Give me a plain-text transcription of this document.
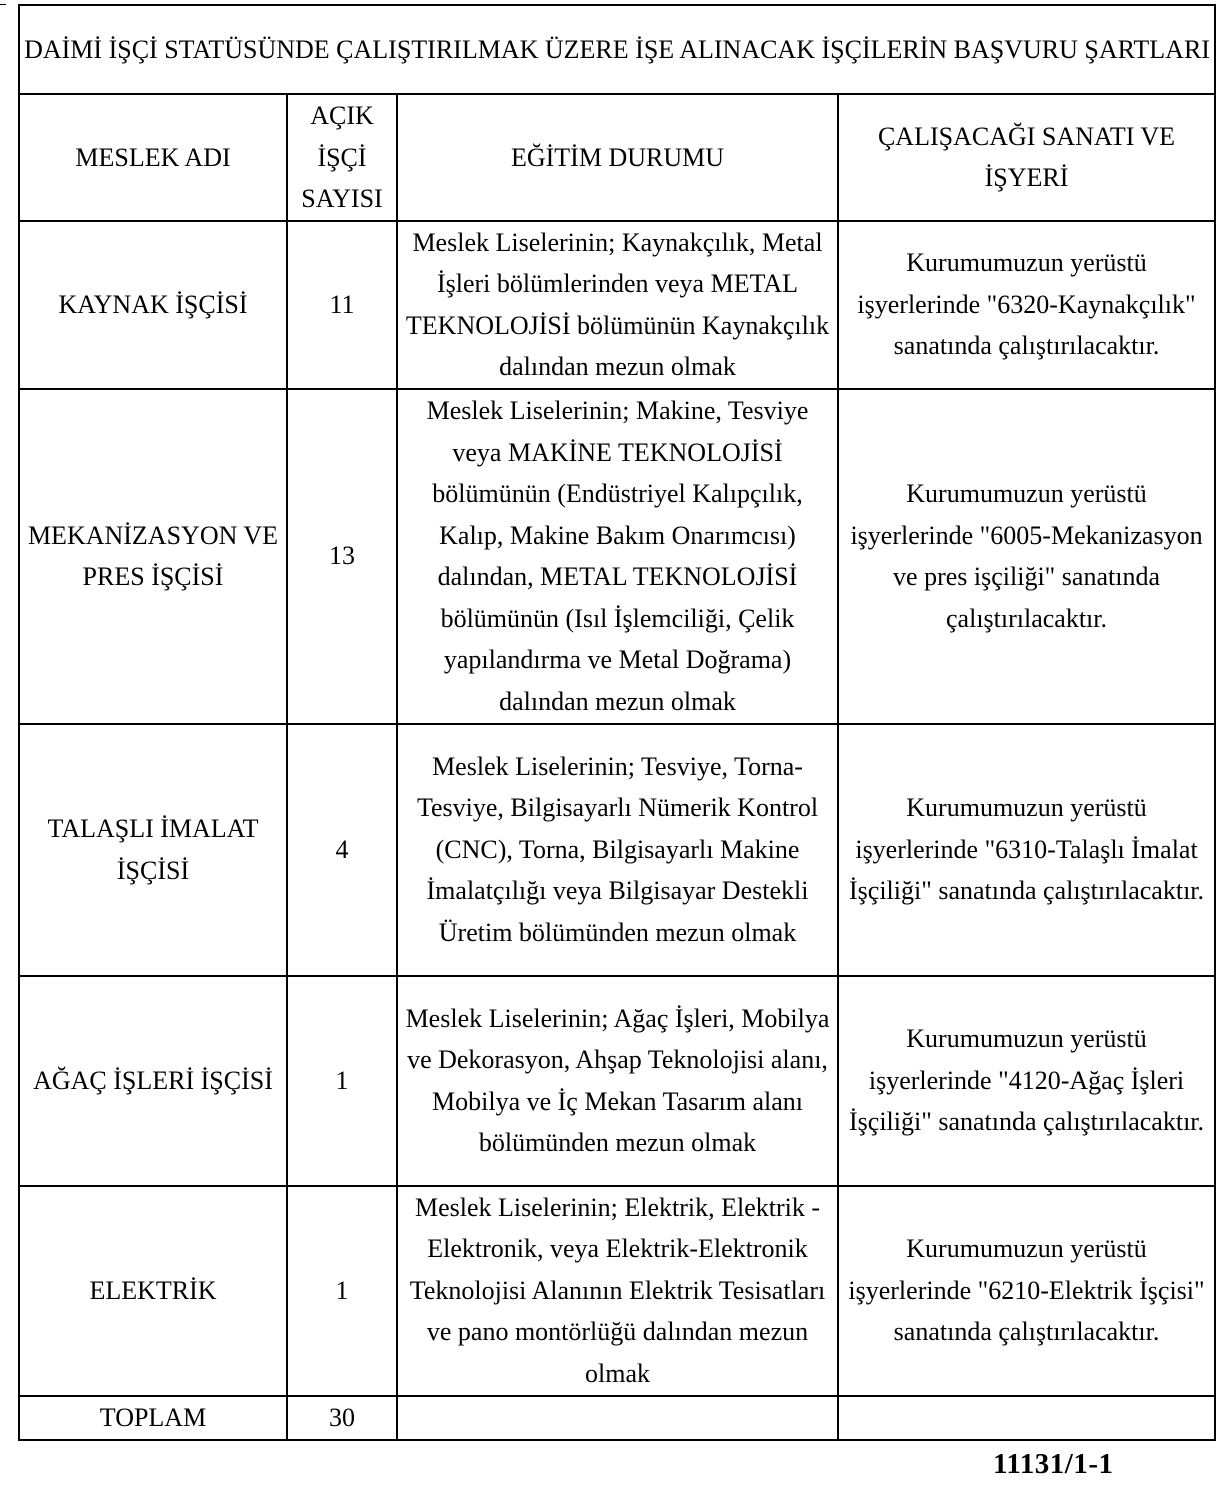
DAİMİ İŞÇİ STATÜSÜNDE ÇALIŞTIRILMAK ÜZERE İŞE ALINACAK İŞÇİLERİN BAŞVURU ŞARTLARI			
MESLEK ADI	AÇIK İŞÇİ SAYISI	EĞİTİM DURUMU	ÇALIŞACAĞI SANATI VE İŞYERİ
KAYNAK İŞÇİSİ	11	Meslek Liselerinin; Kaynakçılık, Metal İşleri bölümlerinden veya METAL TEKNOLOJİSİ bölümünün Kaynakçılık dalından mezun olmak	Kurumumuzun yerüstü işyerlerinde "6320-Kaynakçılık" sanatında çalıştırılacaktır.
MEKANİZASYON VE PRES İŞÇİSİ	13	Meslek Liselerinin; Makine, Tesviye veya MAKİNE TEKNOLOJİSİ bölümünün (Endüstriyel Kalıpçılık, Kalıp, Makine Bakım Onarımcısı) dalından, METAL TEKNOLOJİSİ bölümünün (Isıl İşlemciliği, Çelik yapılandırma ve Metal Doğrama) dalından mezun olmak	Kurumumuzun yerüstü işyerlerinde "6005-Mekanizasyon ve pres işçiliği" sanatında çalıştırılacaktır.
TALAŞLI İMALAT İŞÇİSİ	4	Meslek Liselerinin; Tesviye, Torna-Tesviye, Bilgisayarlı Nümerik Kontrol (CNC), Torna, Bilgisayarlı Makine İmalatçılığı veya Bilgisayar Destekli Üretim bölümünden mezun olmak	Kurumumuzun yerüstü işyerlerinde "6310-Talaşlı İmalat İşçiliği" sanatında çalıştırılacaktır.
AĞAÇ İŞLERİ İŞÇİSİ	1	Meslek Liselerinin; Ağaç İşleri, Mobilya ve Dekorasyon, Ahşap Teknolojisi alanı, Mobilya ve İç Mekan Tasarım alanı bölümünden mezun olmak	Kurumumuzun yerüstü işyerlerinde "4120-Ağaç İşleri İşçiliği" sanatında çalıştırılacaktır.
ELEKTRİK	1	Meslek Liselerinin; Elektrik, Elektrik - Elektronik, veya Elektrik-Elektronik Teknolojisi Alanının Elektrik Tesisatları ve pano montörlüğü dalından mezun olmak	Kurumumuzun yerüstü işyerlerinde "6210-Elektrik İşçisi" sanatında çalıştırılacaktır.
TOPLAM	30		
11131/1-1
